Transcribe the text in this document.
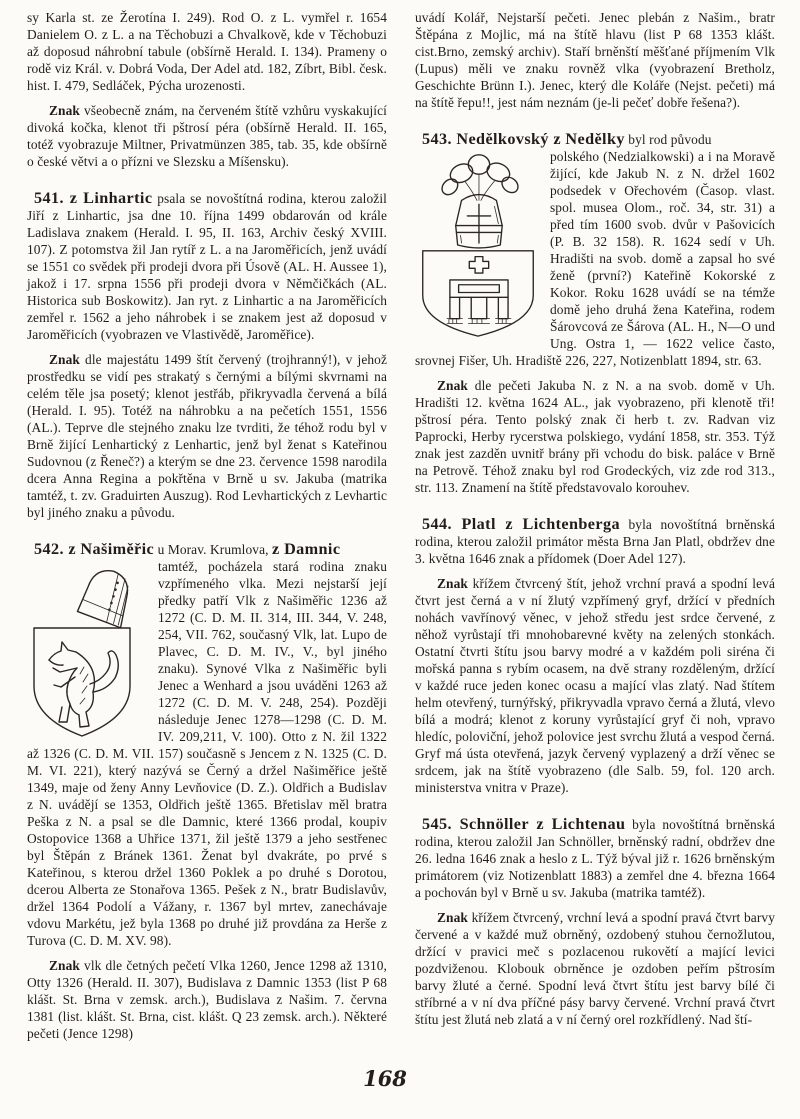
sy Karla st. ze Žerotína I. 249). Rod O. z L. vymřel r. 1654 Danielem O. z L. a na Těchobuzi a Chvalkově, kde v Těchobuzi až doposud náhrobní tabule (obšírně Herald. I. 134). Prameny o rodě viz Král. v. Dobrá Voda, Der Adel atd. 182, Zíbrt, Bibl. česk. hist. I. 479, Sedláček, Pýcha urozenosti.

Znak všeobecně znám, na červeném štítě vzhůru vyskakující divoká kočka, klenot tři pštrosí péra (obšírně Herald. II. 165, totéž vyobrazuje Miltner, Privatmünzen 385, tab. 35, kde obšírně o české větvi a o přízni ve Slezsku a Míšensku).

541. z Linhartic psala se novoštítná rodina, kterou založil Jiří z Linhartic, jsa dne 10. října 1499 obdarován od krále Ladislava znakem (Herald. I. 95, II. 163, Archiv český XVIII. 107). Z potomstva žil Jan rytíř z L. a na Jaroměřicích, jenž uvádí se 1551 co svědek při prodeji dvora při Úsově (AL. H. Aussee 1), jakož i 17. srpna 1556 při prodeji dvora v Němčičkách (AL. Historica sub Boskowitz). Jan ryt. z Linhartic a na Jaroměřicích zemřel r. 1562 a jeho náhrobek i se znakem jest až doposud v Jaroměřicích (vyobrazen ve Vlastivědě, Jaroměřice).

Znak dle majestátu 1499 štít červený (trojhranný!), v jehož prostředku se vidí pes strakatý s černými a bílými skvrnami na celém těle jsa posetý; klenot jestřáb, přikryvadla červená a bílá (Herald. I. 95). Totéž na náhrobku a na pečetích 1551, 1556 (AL.). Teprve dle stejného znaku lze tvrditi, že téhož rodu byl v Brně žijící Lenhartický z Lenhartic, jenž byl ženat s Kateřinou Sudovnou (z Řeneč?) a kterým se dne 23. července 1598 narodila dcera Anna Regina a pokřtěna v Brně u sv. Jakuba (matrika tamtéž, t. zv. Graduirten Auszug). Rod Levhartických z Levhartic byl jiného znaku a původu.

542. z Našiměřic u Morav. Krumlova, z Damnic

tamtéž, pocházela stará rodina znaku vzpřímeného vlka. Mezi nejstarší její předky patří Vlk z Našiměřic 1236 až 1272 (C. D. M. II. 314, III. 344, V. 248, 254, VII. 762, současný Vlk, lat. Lupo de Plavec, C. D. M. IV., V., byl jiného znaku). Synové Vlka z Našiměřic byli Jenec a Wenhard a jsou uváděni 1263 až 1272 (C. D. M. V. 248, 254). Později následuje Jenec 1278—1298 (C. D. M. IV. 209,211, V. 100). Otto z N. žil 1322 až 1326 (C. D. M. VII. 157) současně s Jencem z N. 1325 (C. D. M. VI. 221), který nazývá se Černý a držel Našiměřice ještě 1349, maje od ženy Anny Levňovice (D. Z.). Oldřich a Budislav z N. uvádějí se 1353, Oldřich ještě 1365. Břetislav měl bratra Peška z N. a psal se dle Damnic, které 1366 prodal, koupiv Ostopovice 1368 a Uhřice 1371, žil ještě 1379 a jeho sestřenec byl Štěpán z Bránek 1361. Ženat byl dvakráte, po prvé s Kateřinou, s kterou držel 1360 Poklek a po druhé s Dorotou, dcerou Alberta ze Stonařova 1365. Pešek z N., bratr Budislavův, držel 1364 Podolí a Vážany, r. 1367 byl mrtev, zanechávaje vdovu Markétu, jež byla 1368 po druhé již provdána za Herše z Turova (C. D. M. XV. 98).

Znak vlk dle četných pečetí Vlka 1260, Jence 1298 až 1310, Otty 1326 (Herald. II. 307), Budislava z Damnic 1353 (list P 68 klášt. St. Brna v zemsk. arch.), Budislava z Našim. 7. června 1381 (list. klášt. St. Brna, cist. klášt. Q 23 zemsk. arch.). Některé pečeti (Jence 1298)

uvádí Kolář, Nejstarší pečeti. Jenec plebán z Našim., bratr Štěpána z Mojlic, má na štítě hlavu (list P 68 1353 klášt. cist.Brno, zemský archiv). Staří brněnští měšťané příjmením Vlk (Lupus) měli ve znaku rovněž vlka (vyobrazení Bretholz, Geschichte Brünn I.). Jenec, který dle Koláře (Nejst. pečeti) má na štítě řepu!!, jest nám neznám (je-li pečeť dobře řešena?).

543. Nedělkovský z Nedělky byl rod původu

polského (Nedzialkowski) a i na Moravě žijící, kde Jakub N. z N. držel 1602 podsedek v Ořechovém (Časop. vlast. spol. musea Olom., roč. 34, str. 31) a před tím 1600 svob. dvůr v Pašovicích (P. B. 32 158). R. 1624 sedí v Uh. Hradišti na svob. domě a zapsal ho své ženě (první?) Kateřině Kokorské z Kokor. Roku 1628 uvádí se na témže domě jeho druhá žena Kateřina, rodem Šárovcová ze Šárova (AL. H., N—O und Ung. Ostra 1, — 1622 velice často, srovnej Fišer, Uh. Hradiště 226, 227, Notizenblatt 1894, str. 63.

Znak dle pečeti Jakuba N. z N. a na svob. domě v Uh. Hradišti 12. května 1624 AL., jak vyobrazeno, při klenotě tři! pštrosí péra. Tento polský znak či herb t. zv. Radvan viz Paprocki, Herby rycerstwa polskiego, vydání 1858, str. 353. Týž znak jest zazděn uvnitř brány při vchodu do bisk. paláce v Brně na Petrově. Téhož znaku byl rod Grodeckých, viz zde rod 313., str. 113. Znamení na štítě představovalo korouhev.

544. Platl z Lichtenberga byla novoštítná brněnská rodina, kterou založil primátor města Brna Jan Platl, obdržev dne 3. května 1646 znak a přídomek (Doer Adel 127).

Znak křížem čtvrcený štít, jehož vrchní pravá a spodní levá čtvrt jest černá a v ní žlutý vzpřímený gryf, držící v předních nohách vavřínový věnec, v jehož středu jest srdce červené, z něhož vyrůstají tři mnohobarevné květy na zelených stonkách. Ostatní čtvrti štítu jsou barvy modré a v každém poli siréna či mořská panna s rybím ocasem, na dvě strany rozděleným, držící v každé ruce jeden konec ocasu a mající vlas zlatý. Nad štítem helm otevřený, turnýřský, přikryvadla vpravo černá a žlutá, vlevo bílá a modrá; klenot z koruny vyrůstající gryf či noh, vpravo hledíc, poloviční, jehož polovice jest svrchu žlutá a vespod černá. Gryf má ústa otevřená, jazyk červený vyplazený a drží věnec se srdcem, jak na štítě vyobrazeno (dle Salb. 59, fol. 120 arch. ministerstva vnitra v Praze).

545. Schnöller z Lichtenau byla novoštítná brněnská rodina, kterou založil Jan Schnöller, brněnský radní, obdržev dne 26. ledna 1646 znak a heslo z L. Týž býval již r. 1626 brněnským primátorem (viz Notizenblatt 1883) a zemřel dne 4. března 1664 a pochován byl v Brně u sv. Jakuba (matrika tamtéž).

Znak křížem čtvrcený, vrchní levá a spodní pravá čtvrt barvy červené a v každé muž obrněný, ozdobený stuhou černožlutou, držící v pravici meč s pozlacenou rukovětí a mající levici pozdviženou. Klobouk obrněnce je ozdoben peřím pštrosím barvy žluté a černé. Spodní levá čtvrt štítu jest barvy bílé či stříbrné a v ní dva příčné pásy barvy červené. Vrchní pravá čtvrt štítu jest žlutá neb zlatá a v ní černý orel rozkřídlený. Nad ští-

168
